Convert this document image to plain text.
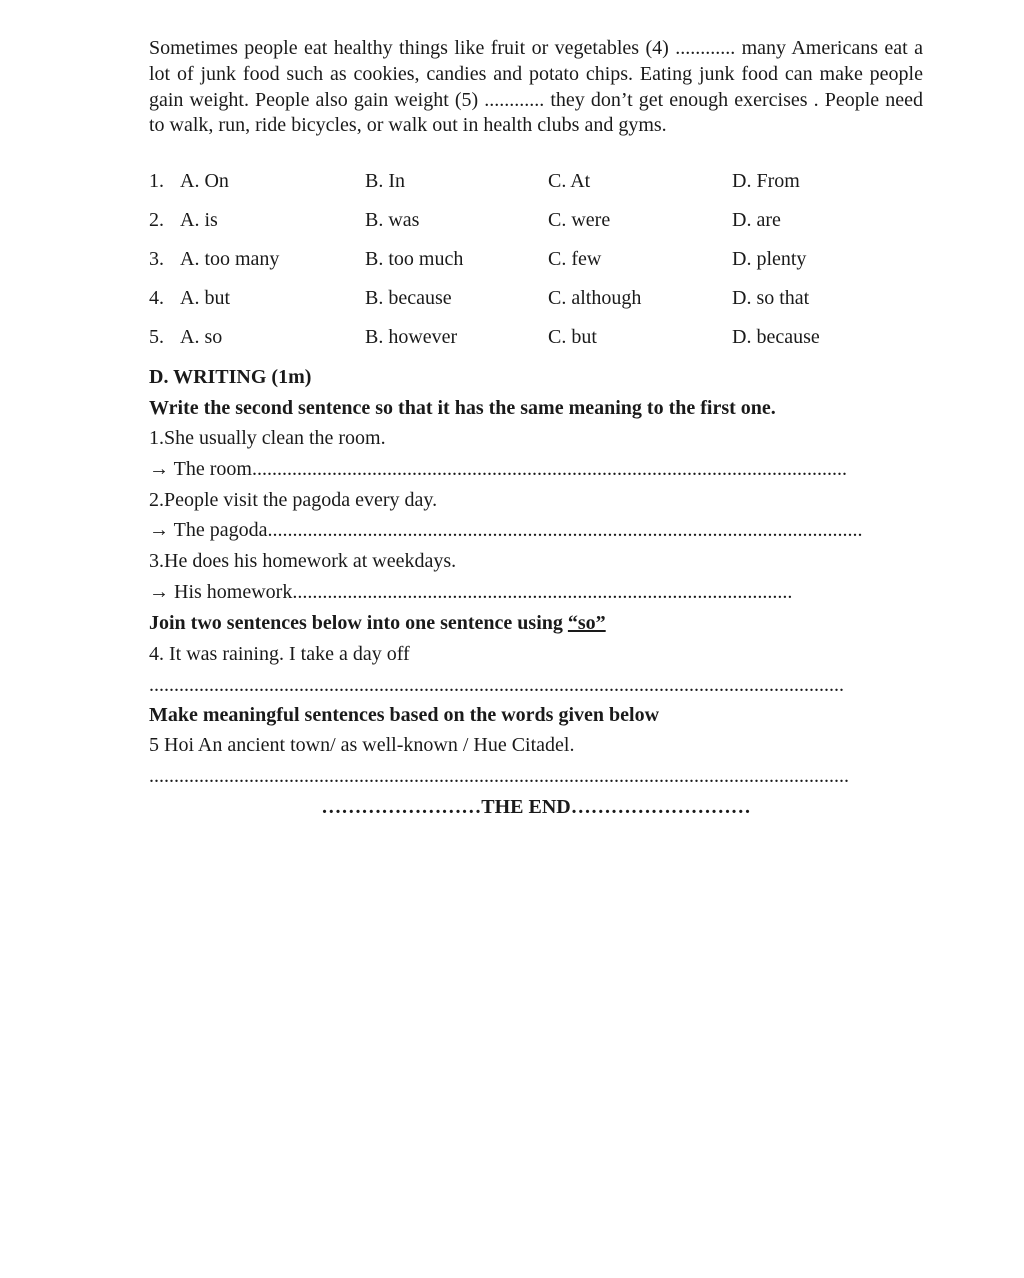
Sometimes people eat healthy things like fruit or vegetables (4) ............ many Americans eat a lot of junk food such as cookies, candies and potato chips. Eating junk food can make people gain weight. People also gain weight (5) ............ they don’t get enough exercises . People need to walk, run, ride bicycles, or walk out in health clubs and gyms.

1. A. On	B. In	C. At	D. From
2. A. is	B. was	C. were	D. are
3. A. too many	B. too much	C. few	D. plenty
4. A. but	B. because	C. although	D. so that
5. A. so	B. however	C. but	D. because
D. WRITING (1m)
Write the second sentence so that it has the same meaning to the first one.
1.She usually clean the room.
→ The room.......................................................................................................................
2.People visit the pagoda every day.
→ The pagoda.......................................................................................................................
3.He does his homework at weekdays.
→ His homework....................................................................................................
Join two sentences below into one sentence using “so”
4. It was raining. I take a day off
...........................................................................................................................................
Make meaningful sentences based on the words given below
5 Hoi An ancient town/ as well-known / Hue Citadel.
............................................................................................................................................
……………………THE END………………………
